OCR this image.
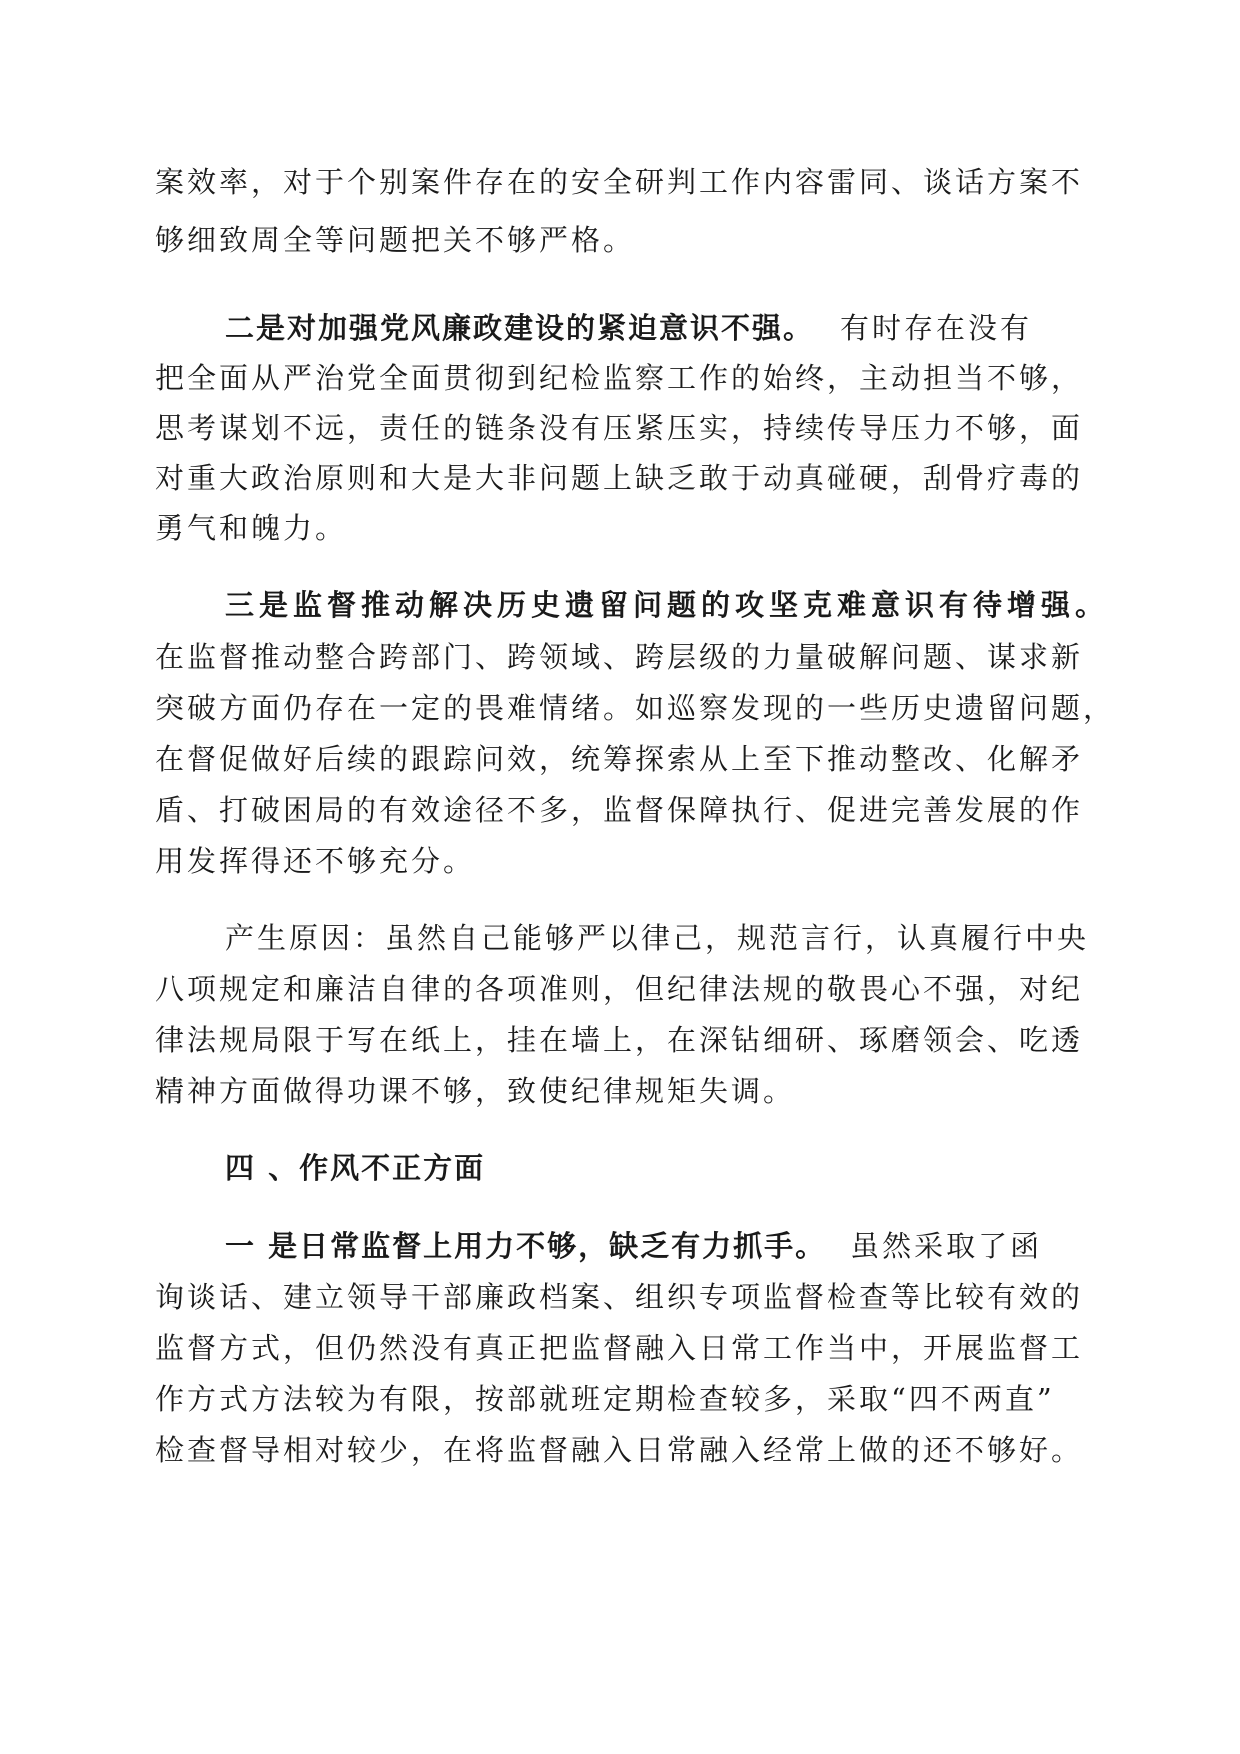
案效率，对于个别案件存在的安全研判工作内容雷同、谈话方案不
够细致周全等问题把关不够严格。
二是对加强党风廉政建设的紧迫意识不强。 有时存在没有
把全面从严治党全面贯彻到纪检监察工作的始终，主动担当不够，
思考谋划不远，责任的链条没有压紧压实，持续传导压力不够，面
对重大政治原则和大是大非问题上缺乏敢于动真碰硬，刮骨疗毒的
勇气和魄力。
三是监督推动解决历史遗留问题的攻坚克难意识有待增强。
在监督推动整合跨部门、跨领域、跨层级的力量破解问题、谋求新
突破方面仍存在一定的畏难情绪。如巡察发现的一些历史遗留问题，
在督促做好后续的跟踪问效，统筹探索从上至下推动整改、化解矛
盾、打破困局的有效途径不多，监督保障执行、促进完善发展的作
用发挥得还不够充分。
产生原因：虽然自己能够严以律己，规范言行，认真履行中央
八项规定和廉洁自律的各项准则，但纪律法规的敬畏心不强，对纪
律法规局限于写在纸上，挂在墙上，在深钻细研、琢磨领会、吃透
精神方面做得功课不够，致使纪律规矩失调。
四 、作风不正方面
一 是日常监督上用力不够，缺乏有力抓手。 虽然采取了函
询谈话、建立领导干部廉政档案、组织专项监督检查等比较有效的
监督方式，但仍然没有真正把监督融入日常工作当中，开展监督工
作方式方法较为有限，按部就班定期检查较多，采取“四不两直”
检查督导相对较少，在将监督融入日常融入经常上做的还不够好。
